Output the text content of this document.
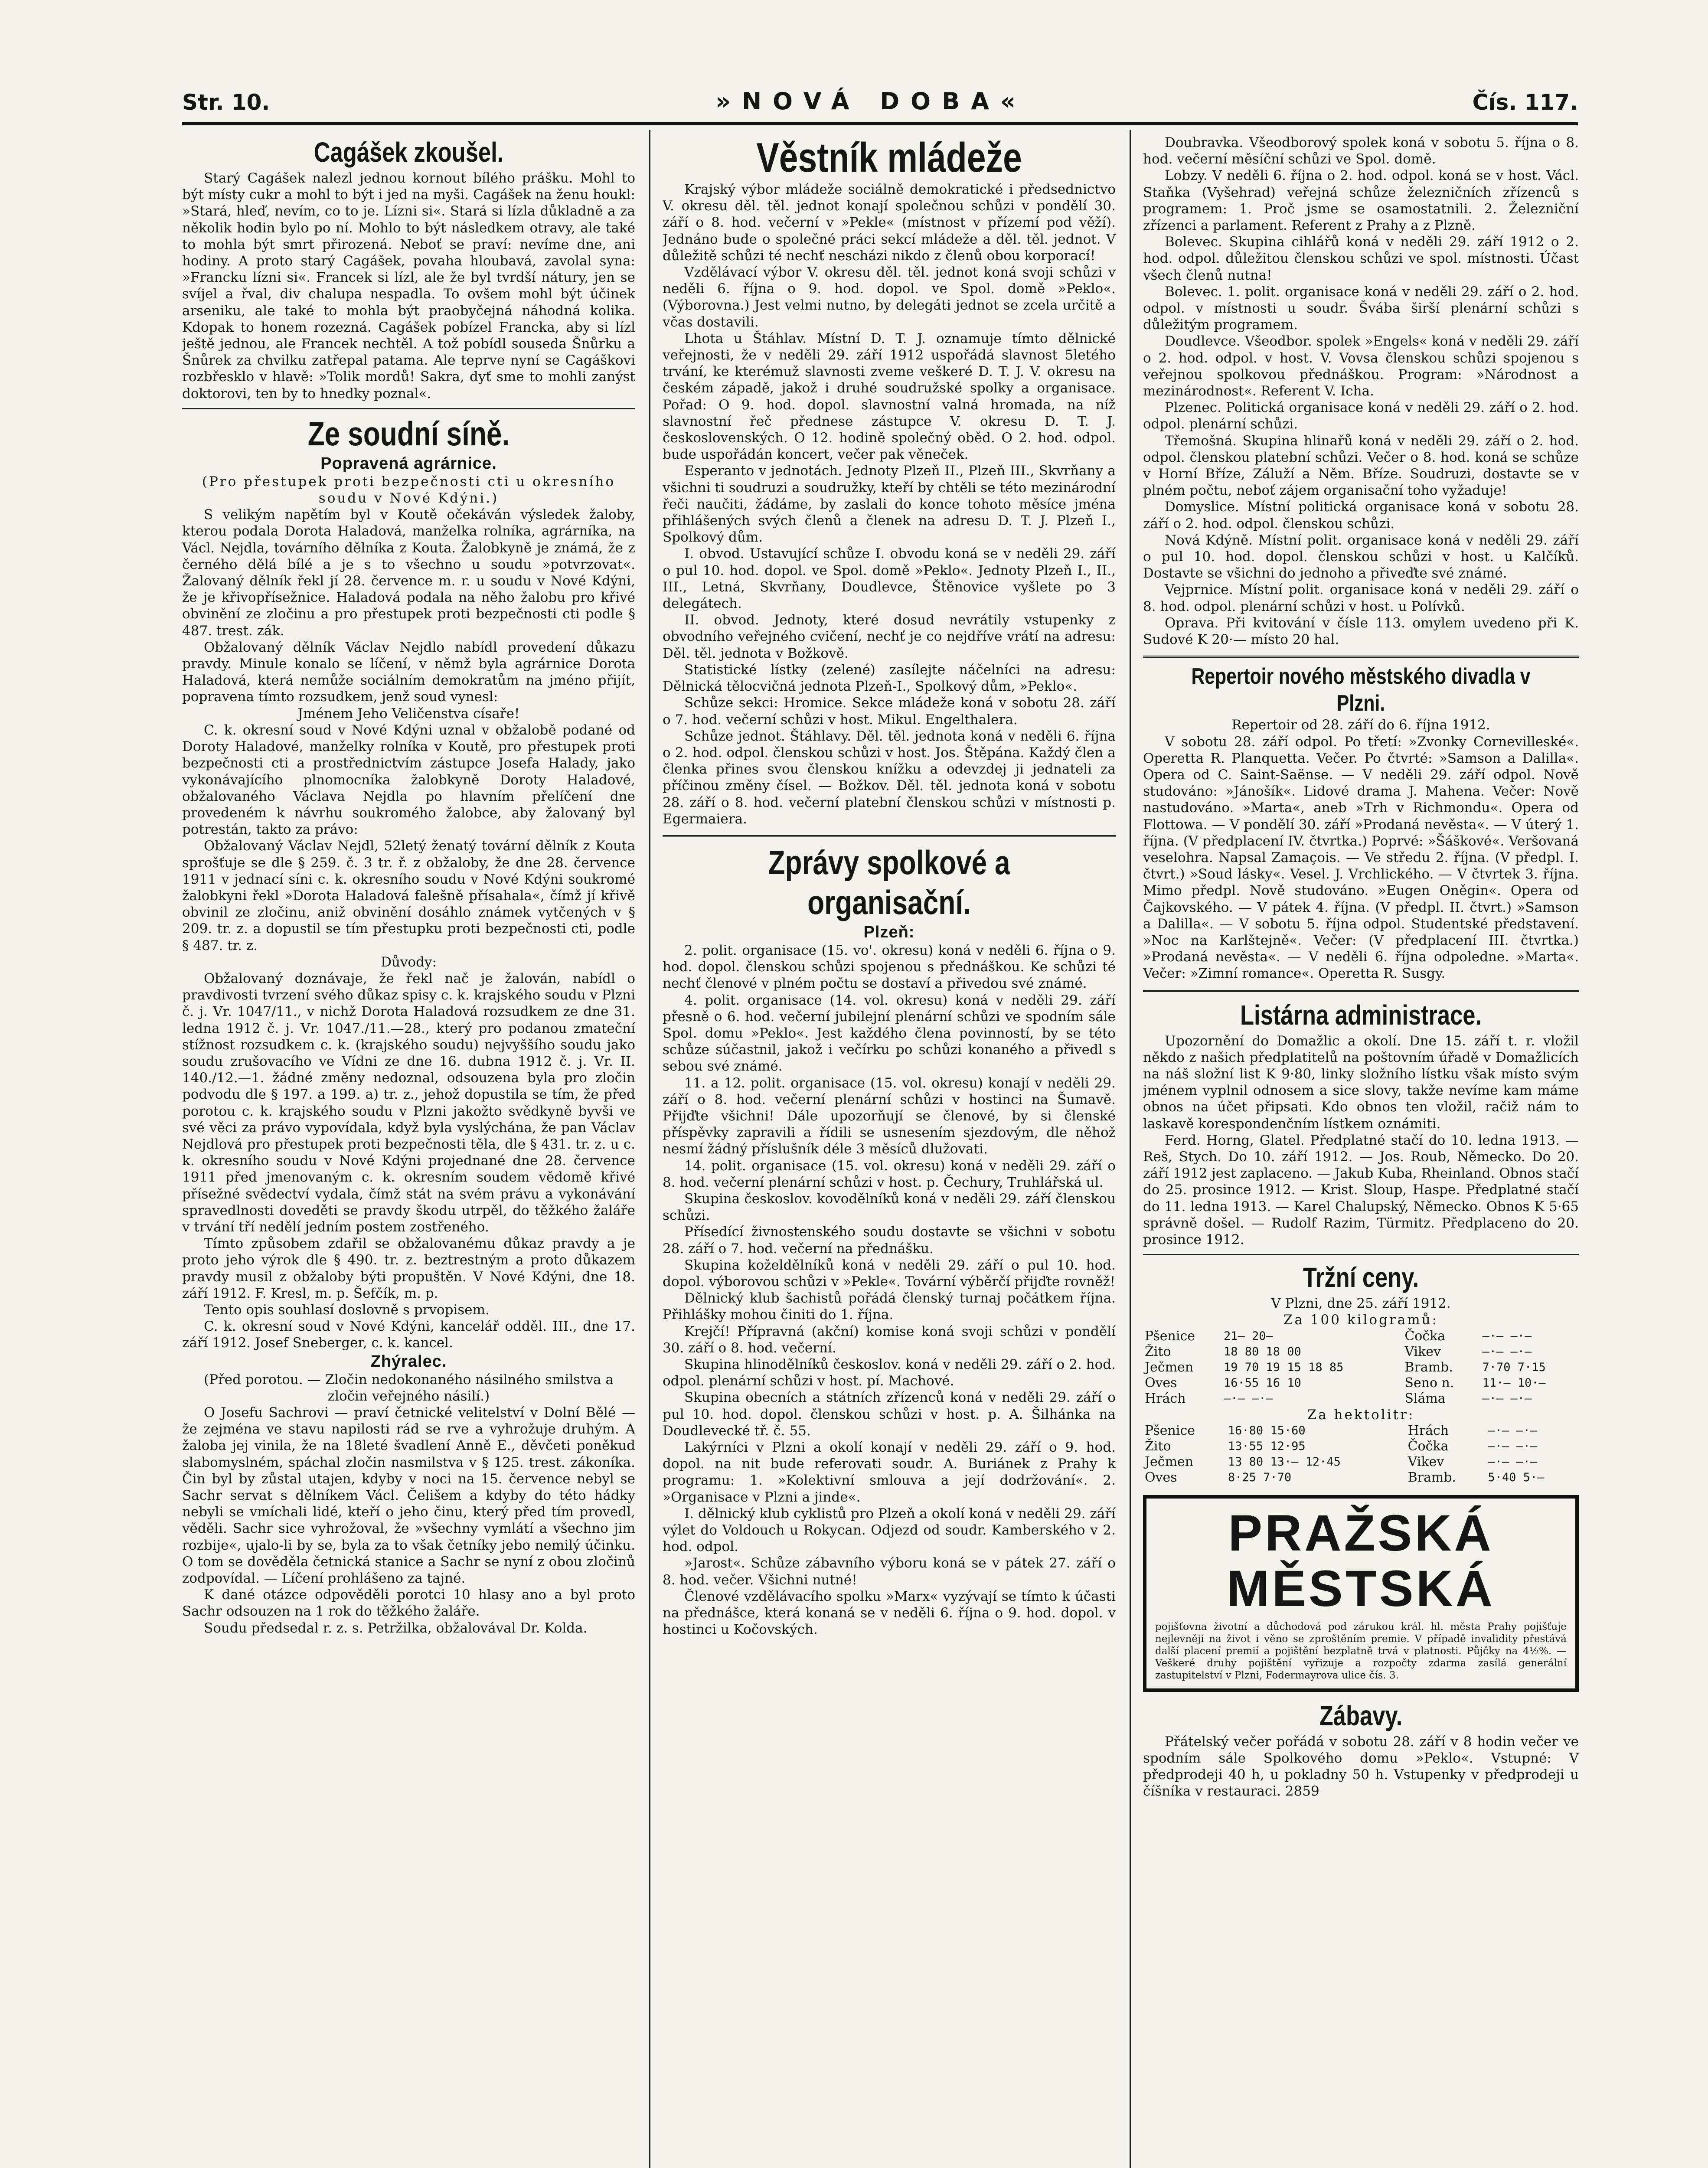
Str. 10.	»NOVÁ DOBA«	Čís. 117.
Cagášek zkoušel.

Starý Cagášek nalezl jednou kornout bílého prášku. Mohl to být místy cukr a mohl to být i jed na myši. Cagášek na ženu houkl: »Stará, hleď, nevím, co to je. Lízni si«. Stará si lízla důkladně a za několik hodin bylo po ní. Mohlo to být následkem otravy, ale také to mohla být smrt přirozená. Neboť se praví: nevíme dne, ani hodiny. A proto starý Cagášek, povaha hloubavá, zavolal syna: »Francku lízni si«. Francek si lízl, ale že byl tvrdší nátury, jen se svíjel a řval, div chalupa nespadla. To ovšem mohl být účinek arseniku, ale také to mohla být praobyčejná náhodná kolika. Kdopak to honem rozezná. Cagášek pobízel Francka, aby si lízl ještě jednou, ale Francek nechtěl. A tož pobídl souseda Šnůrku a Šnůrek za chvilku zatřepal patama. Ale teprve nyní se Cagáškovi rozbřesklo v hlavě: »Tolik mordů! Sakra, dyť sme to mohli zanýst doktorovi, ten by to hnedky poznal«.

Ze soudní síně.
Popravená agrárnice.

(Pro přestupek proti bezpečnosti cti u okresního soudu v Nové Kdýni.)

S velikým napětím byl v Koutě očekáván výsledek žaloby, kterou podala Dorota Haladová, manželka rolníka, agrárníka, na Václ. Nejdla, továrního dělníka z Kouta. Žalobkyně je známá, že z černého dělá bílé a je s to všechno u soudu »potvrzovat«. Žalovaný dělník řekl jí 28. července m. r. u soudu v Nové Kdýni, že je křivopřísežnice. Haladová podala na něho žalobu pro křivé obvinění ze zločinu a pro přestupek proti bezpečnosti cti podle § 487. trest. zák.

Obžalovaný dělník Václav Nejdlo nabídl provedení důkazu pravdy. Minule konalo se líčení, v němž byla agrárnice Dorota Haladová, která nemůže sociálním demokratům na jméno přijít, popravena tímto rozsudkem, jenž soud vynesl:

Jménem Jeho Veličenstva císaře!

C. k. okresní soud v Nové Kdýni uznal v obžalobě podané od Doroty Haladové, manželky rolníka v Koutě, pro přestupek proti bezpečnosti cti a prostřednictvím zástupce Josefa Halady, jako vykonávajícího plnomocníka žalobkyně Doroty Haladové, obžalovaného Václava Nejdla po hlavním přelíčení dne provedeném k návrhu soukromého žalobce, aby žalovaný byl potrestán, takto za právo:

Obžalovaný Václav Nejdl, 52letý ženatý tovární dělník z Kouta sprošťuje se dle § 259. č. 3 tr. ř. z obžaloby, že dne 28. července 1911 v jednací síni c. k. okresního soudu v Nové Kdýni soukromé žalobkyni řekl »Dorota Haladová falešně přísahala«, čímž jí křivě obvinil ze zločinu, aniž obvinění dosáhlo známek vytčených v § 209. tr. z. a dopustil se tím přestupku proti bezpečnosti cti, podle § 487. tr. z.

Důvody:

Obžalovaný doznávaje, že řekl nač je žalován, nabídl o pravdivosti tvrzení svého důkaz spisy c. k. krajského soudu v Plzni č. j. Vr. 1047/11., v nichž Dorota Haladová rozsudkem ze dne 31. ledna 1912 č. j. Vr. 1047./11.—28., který pro podanou zmateční stížnost rozsudkem c. k. (krajského soudu) nejvyššího soudu jako soudu zrušovacího ve Vídni ze dne 16. dubna 1912 č. j. Vr. II. 140./12.—1. žádné změny nedoznal, odsouzena byla pro zločin podvodu dle § 197. a 199. a) tr. z., jehož dopustila se tím, že před porotou c. k. krajského soudu v Plzni jakožto svědkyně byvši ve své věci za právo vypovídala, když byla vyslýchána, že pan Václav Nejdlová pro přestupek proti bezpečnosti těla, dle § 431. tr. z. u c. k. okresního soudu v Nové Kdýni projednané dne 28. července 1911 před jmenovaným c. k. okresním soudem vědomě křivé přísežné svědectví vydala, čímž stát na svém právu a vykonávání spravedlnosti doveděti se pravdy škodu utrpěl, do těžkého žaláře v trvání tří nedělí jedním postem zostřeného.

Tímto způsobem zdařil se obžalovanému důkaz pravdy a je proto jeho výrok dle § 490. tr. z. beztrestným a proto důkazem pravdy musil z obžaloby býti propuštěn. V Nové Kdýni, dne 18. září 1912. F. Kresl, m. p. Šefčík, m. p.

Tento opis souhlasí doslovně s prvopisem.

C. k. okresní soud v Nové Kdýni, kancelář odděl. III., dne 17. září 1912. Josef Sneberger, c. k. kancel.

Zhýralec.

(Před porotou. — Zločin nedokonaného násilného smilstva a zločin veřejného násilí.)

O Josefu Sachrovi — praví četnické velitelství v Dolní Bělé — že zejména ve stavu napilosti rád se rve a vyhrožuje druhým. A žaloba jej vinila, že na 18leté švadlení Anně E., děvčeti poněkud slabomyslném, spáchal zločin nasmilstva v § 125. trest. zákoníka. Čin byl by zůstal utajen, kdyby v noci na 15. července nebyl se Sachr servat s dělníkem Václ. Čelišem a kdyby do této hádky nebyli se vmíchali lidé, kteří o jeho činu, který před tím provedl, věděli. Sachr sice vyhrožoval, že »všechny vymlátí a všechno jim rozbije«, ujalo-li by se, byla za to však četníky jebo nemilý účinku. O tom se dověděla četnická stanice a Sachr se nyní z obou zločinů zodpovídal. — Líčení prohlášeno za tajné.

K dané otázce odpověděli porotci 10 hlasy ano a byl proto Sachr odsouzen na 1 rok do těžkého žaláře.

Soudu předsedal r. z. s. Petržilka, obžalovával Dr. Kolda.

Věstník mládeže

Krajský výbor mládeže sociálně demokratické i předsednictvo V. okresu děl. těl. jednot konají společnou schůzi v pondělí 30. září o 8. hod. večerní v »Pekle« (místnost v přízemí pod věží). Jednáno bude o společné práci sekcí mládeže a děl. těl. jednot. V důležitě schůzi té nechť nescházi nikdo z členů obou korporací!

Vzdělávací výbor V. okresu děl. těl. jednot koná svoji schůzi v neděli 6. října o 9. hod. dopol. ve Spol. domě »Peklo«. (Výborovna.) Jest velmi nutno, by delegáti jednot se zcela určitě a včas dostavili.

Lhota u Štáhlav. Místní D. T. J. oznamuje tímto dělnické veřejnosti, že v neděli 29. září 1912 uspořádá slavnost 5letého trvání, ke kterémuž slavnosti zveme veškeré D. T. J. V. okresu na českém západě, jakož i druhé soudružské spolky a organisace. Pořad: O 9. hod. dopol. slavnostní valná hromada, na níž slavnostní řeč přednese zástupce V. okresu D. T. J. československých. O 12. hodině společný oběd. O 2. hod. odpol. bude uspořádán koncert, večer pak věneček.

Esperanto v jednotách. Jednoty Plzeň II., Plzeň III., Skvrňany a všichni ti soudruzi a soudružky, kteří by chtěli se této mezinárodní řeči naučiti, žádáme, by zaslali do konce tohoto měsíce jména přihlášených svých členů a členek na adresu D. T. J. Plzeň I., Spolkový dům.

I. obvod. Ustavující schůze I. obvodu koná se v neděli 29. září o pul 10. hod. dopol. ve Spol. domě »Peklo«. Jednoty Plzeň I., II., III., Letná, Skvrňany, Doudlevce, Štěnovice vyšlete po 3 delegátech.

II. obvod. Jednoty, které dosud nevrátily vstupenky z obvodního veřejného cvičení, nechť je co nejdříve vrátí na adresu: Děl. těl. jednota v Božkově.

Statistické lístky (zelené) zasílejte náčelníci na adresu: Dělnická tělocvičná jednota Plzeň-I., Spolkový dům, »Peklo«.

Schůze sekci: Hromice. Sekce mládeže koná v sobotu 28. září o 7. hod. večerní schůzi v host. Mikul. Engelthalera.

Schůze jednot. Štáhlavy. Děl. těl. jednota koná v neděli 6. října o 2. hod. odpol. členskou schůzi v host. Jos. Štěpána. Každý člen a členka přines svou členskou knížku a odevzdej ji jednateli za příčinou změny čísel. — Božkov. Děl. těl. jednota koná v sobotu 28. září o 8. hod. večerní platební členskou schůzi v místnosti p. Egermaiera.

Zprávy spolkové a organisační.
Plzeň:

2. polit. organisace (15. vo'. okresu) koná v neděli 6. října o 9. hod. dopol. členskou schůzi spojenou s přednáškou. Ke schůzi té nechť členové v plném počtu se dostaví a přivedou své známé.

4. polit. organisace (14. vol. okresu) koná v neděli 29. září přesně o 6. hod. večerní jubilejní plenární schůzi ve spodním sále Spol. domu »Peklo«. Jest každého člena povinností, by se této schůze súčastnil, jakož i večírku po schůzi konaného a přivedl s sebou své známé.

11. a 12. polit. organisace (15. vol. okresu) konají v neděli 29. září o 8. hod. večerní plenární schůzi v hostinci na Šumavě. Přijďte všichni! Dále upozorňují se členové, by si členské příspěvky zapravili a řídili se usnesením sjezdovým, dle něhož nesmí žádný příslušník déle 3 měsíců dlužovati.

14. polit. organisace (15. vol. okresu) koná v neděli 29. září o 8. hod. večerní plenární schůzi v host. p. Čechury, Truhlářská ul.

Skupina českoslov. kovodělníků koná v neděli 29. září členskou schůzi.

Přísedící živnostenského soudu dostavte se všichni v sobotu 28. září o 7. hod. večerní na přednášku.

Skupina koželdělníků koná v neděli 29. září o pul 10. hod. dopol. výborovou schůzi v »Pekle«. Tovární výběrčí přijďte rovněž!

Dělnický klub šachistů pořádá členský turnaj počátkem října. Přihlášky mohou činiti do 1. října.

Krejčí! Přípravná (akční) komise koná svoji schůzi v pondělí 30. září o 8. hod. večerní.

Skupina hlinodělníků českoslov. koná v neděli 29. září o 2. hod. odpol. plenární schůzi v host. pí. Machové.

Skupina obecních a státních zřízenců koná v neděli 29. září o pul 10. hod. dopol. členskou schůzi v host. p. A. Šilhánka na Doudlevecké tř. č. 55.

Lakýrníci v Plzni a okolí konají v neděli 29. září o 9. hod. dopol. na nit bude referovati soudr. A. Buriánek z Prahy k programu: 1. »Kolektivní smlouva a její dodržování«. 2. »Organisace v Plzni a jinde«.

I. dělnický klub cyklistů pro Plzeň a okolí koná v neděli 29. září výlet do Voldouch u Rokycan. Odjezd od soudr. Kamberského v 2. hod. odpol.

»Jarost«. Schůze zábavního výboru koná se v pátek 27. září o 8. hod. večer. Všichni nutné!

Členové vzdělávacího spolku »Marx« vyzývají se tímto k účasti na přednášce, která konaná se v neděli 6. října o 9. hod. dopol. v hostinci u Kočovských.

Doubravka. Všeodborový spolek koná v sobotu 5. října o 8. hod. večerní měsíční schůzi ve Spol. domě.

Lobzy. V neděli 6. října o 2. hod. odpol. koná se v host. Václ. Staňka (Vyšehrad) veřejná schůze železničních zřízenců s programem: 1. Proč jsme se osamostatnili. 2. Železniční zřízenci a parlament. Referent z Prahy a z Plzně.

Bolevec. Skupina cihlářů koná v neděli 29. září 1912 o 2. hod. odpol. důležitou členskou schůzi ve spol. místnosti. Účast všech členů nutna!

Bolevec. 1. polit. organisace koná v neděli 29. září o 2. hod. odpol. v místnosti u soudr. Švába širší plenární schůzi s důležitým programem.

Doudlevce. Všeodbor. spolek »Engels« koná v neděli 29. září o 2. hod. odpol. v host. V. Vovsa členskou schůzi spojenou s veřejnou spolkovou přednáškou. Program: »Národnost a mezinárodnost«. Referent V. Icha.

Plzenec. Politická organisace koná v neděli 29. září o 2. hod. odpol. plenární schůzi.

Třemošná. Skupina hlinařů koná v neděli 29. září o 2. hod. odpol. členskou platební schůzi. Večer o 8. hod. koná se schůze v Horní Bříze, Záluží a Něm. Bříze. Soudruzi, dostavte se v plném počtu, neboť zájem organisační toho vyžaduje!

Domyslice. Místní politická organisace koná v sobotu 28. září o 2. hod. odpol. členskou schůzi.

Nová Kdýně. Místní polit. organisace koná v neděli 29. září o pul 10. hod. dopol. členskou schůzi v host. u Kalčíků. Dostavte se všichni do jednoho a přiveďte své známé.

Vejprnice. Místní polit. organisace koná v neděli 29. září o 8. hod. odpol. plenární schůzi v host. u Polívků.

Oprava. Při kvitování v čísle 113. omylem uvedeno při K. Sudové K 20·— místo 20 hal.

Repertoir nového městského divadla v Plzni.

Repertoir od 28. září do 6. října 1912.

V sobotu 28. září odpol. Po třetí: »Zvonky Cornevilleské«. Operetta R. Planquetta. Večer. Po čtvrté: »Samson a Dalilla«. Opera od C. Saint-Saënse. — V neděli 29. září odpol. Nově studováno: »Jánošík«. Lidové drama J. Mahena. Večer: Nově nastudováno. »Marta«, aneb »Trh v Richmondu«. Opera od Flottowa. — V pondělí 30. září »Prodaná nevěsta«. — V úterý 1. října. (V předplacení IV. čtvrtka.) Poprvé: »Šáškové«. Veršovaná veselohra. Napsal Zamaçois. — Ve středu 2. října. (V předpl. I. čtvrt.) »Soud lásky«. Vesel. J. Vrchlického. — V čtvrtek 3. října. Mimo předpl. Nově studováno. »Eugen Oněgin«. Opera od Čajkovského. — V pátek 4. října. (V předpl. II. čtvrt.) »Samson a Dalilla«. — V sobotu 5. října odpol. Studentské představení. »Noc na Karlštejně«. Večer: (V předplacení III. čtvrtka.) »Prodaná nevěsta«. — V neděli 6. října odpoledne. »Marta«. Večer: »Zimní romance«. Operetta R. Susgy.

Listárna administrace.

Upozornění do Domažlic a okolí. Dne 15. září t. r. vložil někdo z našich předplatitelů na poštovním úřadě v Domažlicích na náš složní list K 9·80, linky složního lístku však místo svým jménem vyplnil odnosem a sice slovy, takže nevíme kam máme obnos na účet připsati. Kdo obnos ten vložil, račiž nám to laskavě korespondenčním lístkem oznámiti.

Ferd. Horng, Glatel. Předplatné stačí do 10. ledna 1913. — Reš, Stych. Do 10. září 1912. — Jos. Roub, Německo. Do 20. září 1912 jest zaplaceno. — Jakub Kuba, Rheinland. Obnos stačí do 25. prosince 1912. — Krist. Sloup, Haspe. Předplatné stačí do 11. ledna 1913. — Karel Chalupský, Německo. Obnos K 5·65 správně došel. — Rudolf Razim, Türmitz. Předplaceno do 20. prosince 1912.

Tržní ceny.

V Plzni, dne 25. září 1912.

Za 100 kilogramů:

Pšenice	21— 20—	Čočka	—·— —·—
Žito	18 80 18 00	Vikev	—·— —·—
Ječmen	19 70 19 15 18 85	Bramb.	7·70 7·15
Oves	16·55 16 10	Seno n.	11·— 10·—
Hrách	—·— —·—	Sláma	—·— —·—

Za hektolitr:

Pšenice	16·80 15·60	Hrách	—·— —·—
Žito	13·55 12·95	Čočka	—·— —·—
Ječmen	13 80 13·— 12·45	Vikev	—·— —·—
Oves	8·25 7·70	Bramb.	5·40 5·—
PRAŽSKÁ
MĚSTSKÁ
pojišťovna životní a důchodová pod zárukou král. hl. města Prahy pojišťuje nejlevněji na život i věno se zproštěním premie. V případě invalidity přestává další placení premií a pojištění bezplatně trvá v platnosti. Půjčky na 4½%. — Veškeré druhy pojištění vyřizuje a rozpočty zdarma zasílá generální zastupitelství v Plzni, Fodermayrova ulice čís. 3.
Zábavy.

Přátelský večer pořádá v sobotu 28. září v 8 hodin večer ve spodním sále Spolkového domu »Peklo«. Vstupné: V předprodeji 40 h, u pokladny 50 h. Vstupenky v předprodeji u číšníka v restauraci. 2859
